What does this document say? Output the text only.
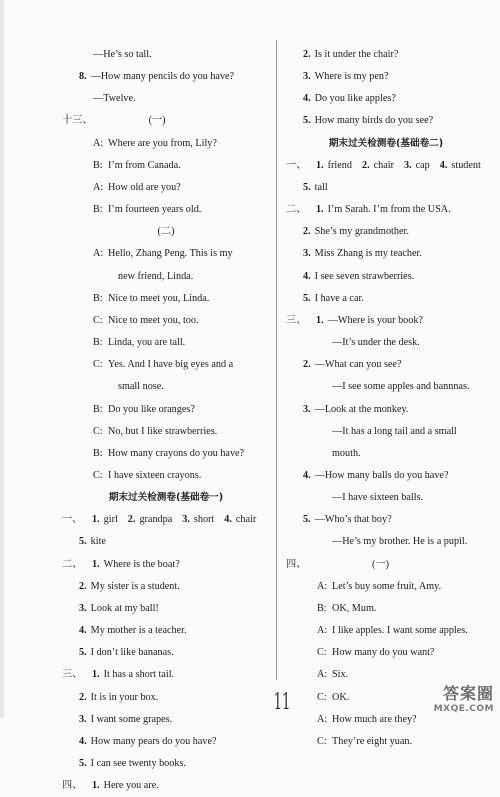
—He’s so tall.
8. —How many pencils do you have?
—Twelve.
十三、	(一)
A: Where are you from, Lily?
B: I’m from Canada.
A: How old are you?
B: I’m fourteen years old.
(二)
A: Hello, Zhang Peng. This is my
new friend, Linda.
B: Nice to meet you, Linda.
C: Nice to meet you, too.
B: Linda, you are tall.
C: Yes. And I have big eyes and a
small nose.
B: Do you like oranges?
C: No, but I like strawberries.
B: How many crayons do you have?
C: I have sixteen crayons.
期末过关检测卷(基础卷一)
一、 1. girl 2. grandpa 3. short 4. chair
5. kite
二、 1. Where is the boat?
2. My sister is a student.
3. Look at my ball!
4. My mother is a teacher.
5. I don’t like bananas.
三、 1. It has a short tail.
2. It is in your box.
3. I want some grapes.
4. How many pears do you have?
5. I can see twenty books.
四、 1. Here you are.
2. Is it under the chair?
3. Where is my pen?
4. Do you like apples?
5. How many birds do you see?
期末过关检测卷(基础卷二)
一、 1. friend 2. chair 3. cap 4. student
5. tall
二、 1. I’m Sarah. I’m from the USA.
2. She’s my grandmother.
3. Miss Zhang is my teacher.
4. I see seven strawberries.
5. I have a car.
三、 1. —Where is your book?
—It’s under the desk.
2. —What can you see?
—I see some apples and bannnas.
3. —Look at the monkey.
—It has a long tail and a small
mouth.
4. —How many balls do you have?
—I have sixteen balls.
5. —Who’s that boy?
—He’s my brother. He is a pupil.
四、	(一)
A: Let’s buy some fruit, Amy.
B: OK, Mum.
A: I like apples. I want some apples.
C: How many do you want?
A: Six.
C: OK.
A: How much are they?
C: They’re eight yuan.
11	答案圈
MXQE.COM
